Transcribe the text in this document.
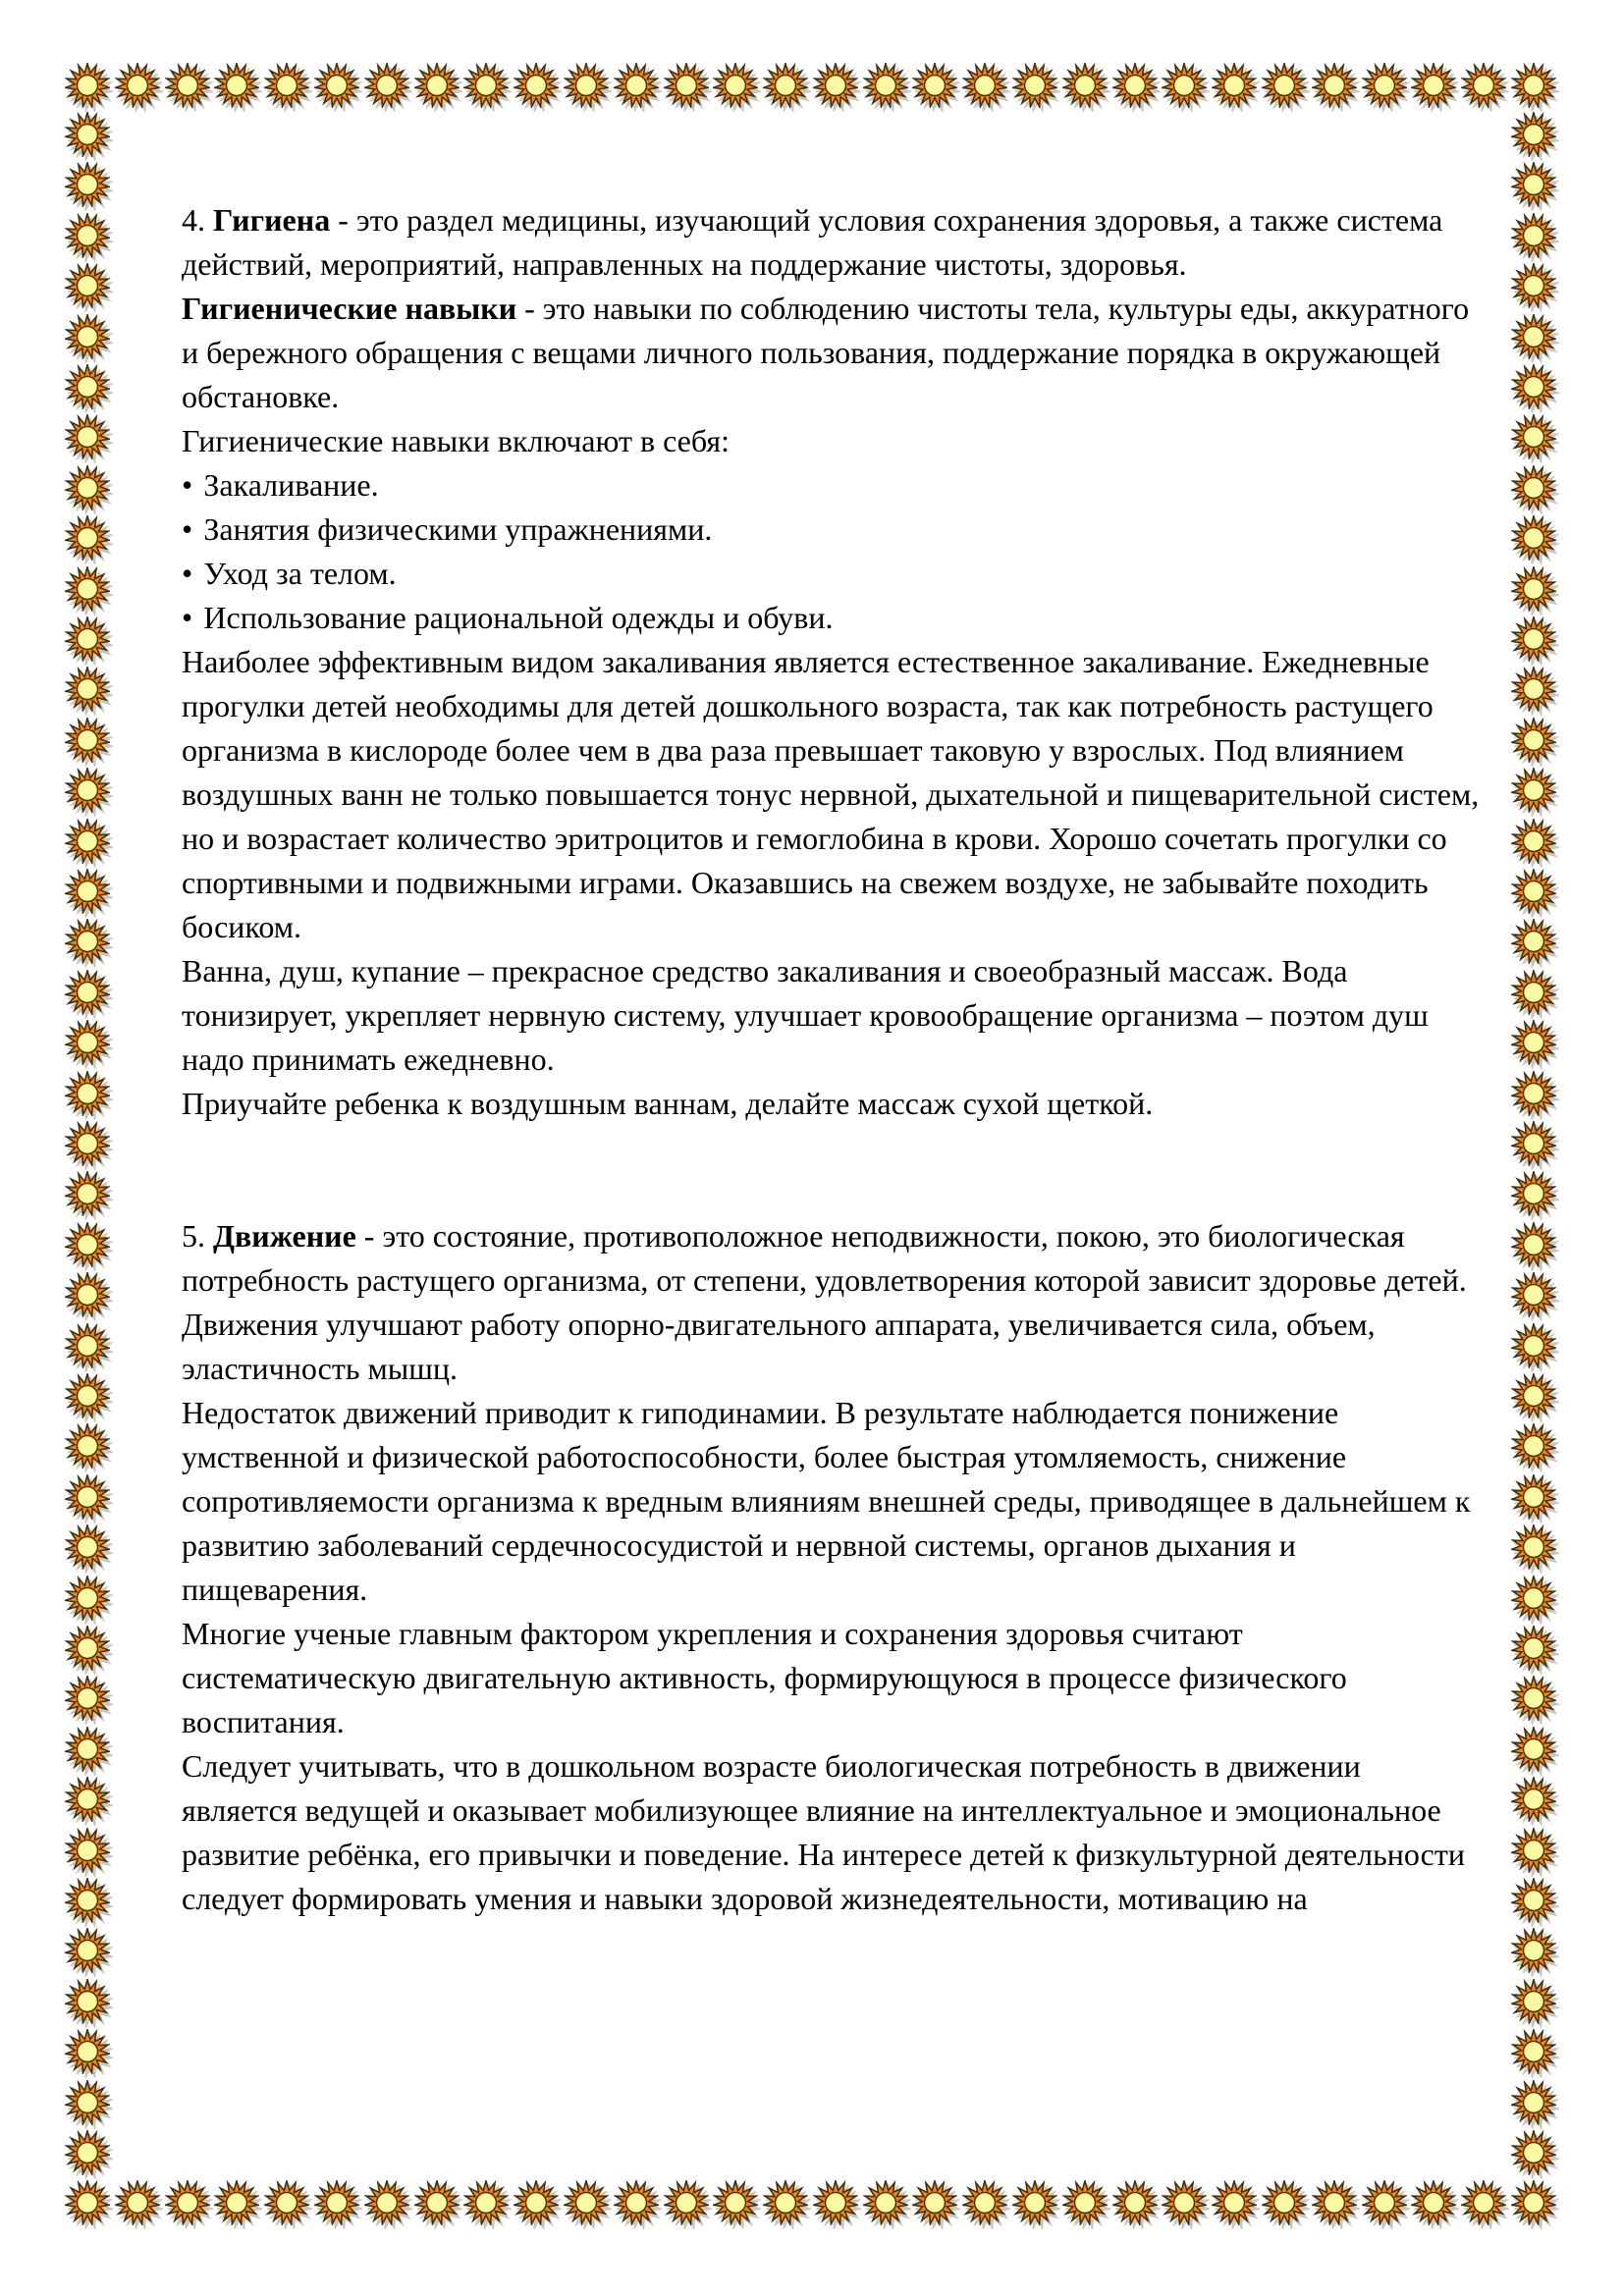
4. Гигиена - это раздел медицины, изучающий условия сохранения здоровья, а также система действий, мероприятий, направленных на поддержание чистоты, здоровья.

Гигиенические навыки - это навыки по соблюдению чистоты тела, культуры еды, аккуратного и бережного обращения с вещами личного пользования, поддержание порядка в окружающей обстановке.

Гигиенические навыки включают в себя:

• Закаливание.

• Занятия физическими упражнениями.

• Уход за телом.

• Использование рациональной одежды и обуви.

Наиболее эффективным видом закаливания является естественное закаливание. Ежедневные прогулки детей необходимы для детей дошкольного возраста, так как потребность растущего организма в кислороде более чем в два раза превышает таковую у взрослых. Под влиянием воздушных ванн не только повышается тонус нервной, дыхательной и пищеварительной систем, но и возрастает количество эритроцитов и гемоглобина в крови. Хорошо сочетать прогулки со спортивными и подвижными играми. Оказавшись на свежем воздухе, не забывайте походить босиком.

Ванна, душ, купание – прекрасное средство закаливания и своеобразный массаж. Вода тонизирует, укрепляет нервную систему, улучшает кровообращение организма – поэтом душ надо принимать ежедневно.

Приучайте ребенка к воздушным ваннам, делайте массаж сухой щеткой.

5. Движение - это состояние, противоположное неподвижности, покою, это биологическая потребность растущего организма, от степени, удовлетворения которой зависит здоровье детей. Движения улучшают работу опорно-двигательного аппарата, увеличивается сила, объем, эластичность мышц.

Недостаток движений приводит к гиподинамии. В результате наблюдается понижение умственной и физической работоспособности, более быстрая утомляемость, снижение сопротивляемости организма к вредным влияниям внешней среды, приводящее в дальнейшем к развитию заболеваний сердечнососудистой и нервной системы, органов дыхания и пищеварения.

Многие ученые главным фактором укрепления и сохранения здоровья считают систематическую двигательную активность, формирующуюся в процессе физического воспитания.

Следует учитывать, что в дошкольном возрасте биологическая потребность в движении является ведущей и оказывает мобилизующее влияние на интеллектуальное и эмоциональное развитие ребёнка, его привычки и поведение. На интересе детей к физкультурной деятельности следует формировать умения и навыки здоровой жизнедеятельности, мотивацию на
